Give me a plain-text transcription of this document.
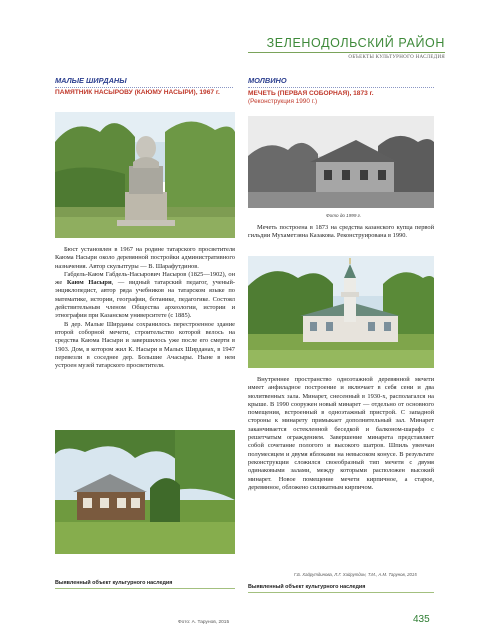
ЗЕЛЕНОДОЛЬСКИЙ РАЙОН
ОБЪЕКТЫ КУЛЬТУРНОГО НАСЛЕДИЯ
МАЛЫЕ ШИРДАНЫ
ПАМЯТНИК НАСЫРОВУ (КАЮМУ НАСЫРИ), 1967 г.

Бюст установлен в 1967 на родине татарского просветителя Каюма Насыри около деревянной постройки административного назначения. Автор скульптуры — В. Шарафутдинов.

Габдель-Каюм Габдель-Насырович Насыров (1825—1902), он же Каюм Насыри, — видный татарский педагог, ученый-энциклопедист, автор ряда учебников на татарском языке по математике, истории, географии, ботанике, педагогике. Состоял действительным членом Общества археологии, истории и этнографии при Казанском университете (с 1885).

В дер. Малые Ширданы сохранилось перестроенное здание второй соборной мечети, строительство которой велось на средства Каюма Насыри и завершилось уже после его смерти в 1903. Дом, в котором жил К. Насыри в Малых Ширданах, в 1947 перевезли в соседнее дер. Большие Ачасыры. Ныне в нем устроен музей татарского просветителя.

Выявленный объект культурного наследия
МОЛВИНО
МЕЧЕТЬ (ПЕРВАЯ СОБОРНАЯ), 1873 г.
(Реконструкция 1990 г.)
Фото до 1999 г.

Мечеть построена в 1873 на средства казанского купца первой гильдии Мухаметзяна Казакова. Реконструирована в 1990.

Внутреннее пространство одноэтажной деревянной мечети имеет анфиладное построение и включает в себя сени и два молитвенных зала. Минарет, снесенный в 1930-х, располагался на крыше. В 1990 сооружен новый минарет — отдельно от основного помещения, встроенный в одноэтажный пристрой. С западной стороны к минарету примыкает дополнительный зал. Минарет заканчивается остекленной беседкой и балконом-шарафэ с решетчатым ограждением. Завершение минарета представляет собой сочетание пологого и высокого шатров. Шпиль увенчан полумесяцем и двумя яблоками на невысоком конусе. В результате реконструкции сложился своеобразный тип мечети с двумя одинаковыми залами, между которыми расположен высокий минарет. Новое помещение мечети кирпичное, а старое, деревянное, обложено силикатным кирпичом.

Г.Б. Хайрутдинова, Л.Г. Хайрутдин, Т.М., А.М. Тарунов, 2015
Выявленный объект культурного наследия
Фото: А. Тарунов, 2015	435
